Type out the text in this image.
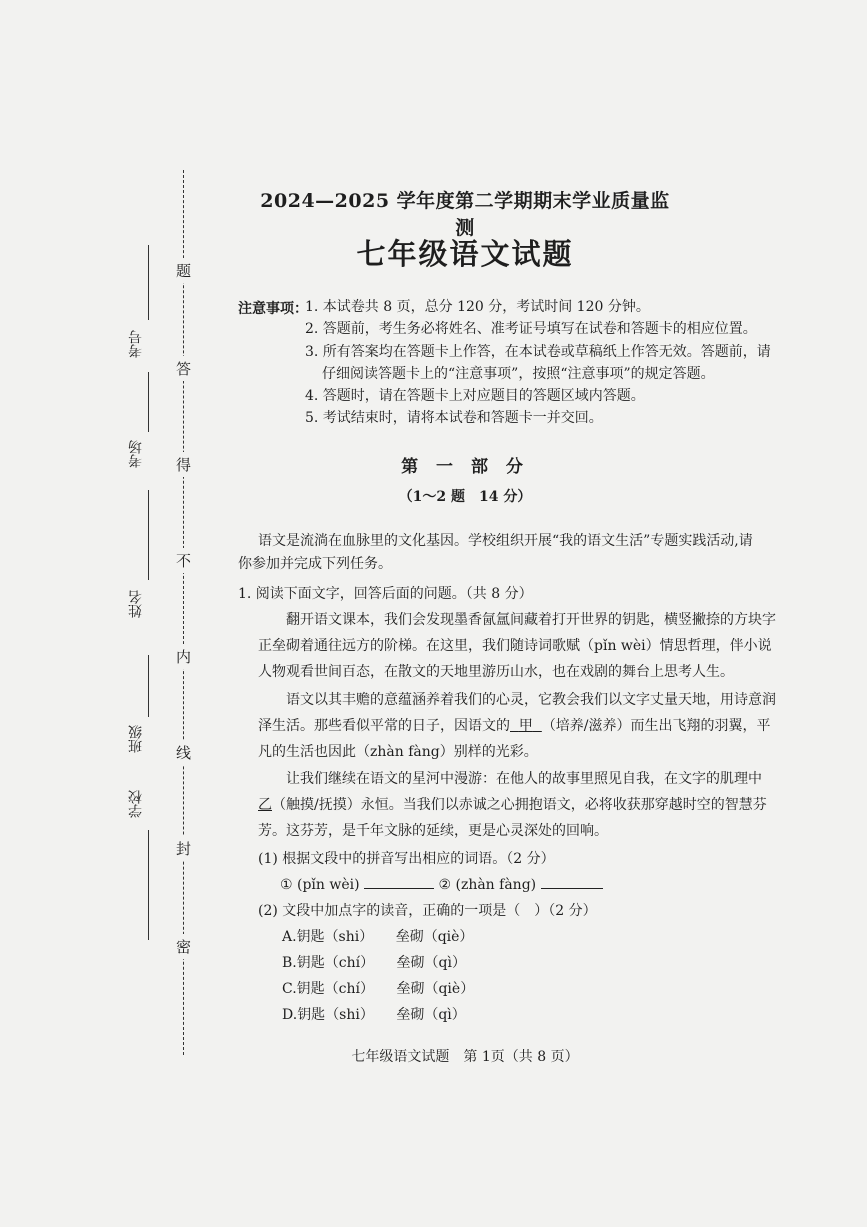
题
答
得
不
内
线
封
密
考号
考场
姓名
班级
学校
2024—2025 学年度第二学期期末学业质量监测
七年级语文试题
注意事项：
1. 本试卷共 8 页，总分 120 分，考试时间 120 分钟。
2. 答题前，考生务必将姓名、准考证号填写在试卷和答题卡的相应位置。
3. 所有答案均在答题卡上作答，在本试卷或草稿纸上作答无效。答题前，请
仔细阅读答题卡上的“注意事项”，按照“注意事项”的规定答题。
4. 答题时，请在答题卡上对应题目的答题区域内答题。
5. 考试结束时，请将本试卷和答题卡一并交回。
第 一 部 分
（1～2 题　14 分）
语文是流淌在血脉里的文化基因。学校组织开展“我的语文生活”专题实践活动,请
你参加并完成下列任务。
1. 阅读下面文字，回答后面的问题。（共 8 分）
翻开语文课本，我们会发现墨香氤氲间藏着打开世界的钥匙，横竖撇捺的方块字
正垒砌着通往远方的阶梯。在这里，我们随诗词歌赋（pǐn wèi）情思哲理，伴小说
人物观看世间百态，在散文的天地里游历山水，也在戏剧的舞台上思考人生。
语文以其丰赡的意蕴涵养着我们的心灵，它教会我们以文字丈量天地，用诗意润
泽生活。那些看似平常的日子，因语文的 甲 （培养/滋养）而生出飞翔的羽翼，平
凡的生活也因此（zhàn fàng）别样的光彩。
让我们继续在语文的星河中漫游：在他人的故事里照见自我，在文字的肌理中
乙（触摸/抚摸）永恒。当我们以赤诚之心拥抱语文，必将收获那穿越时空的智慧芬
芳。这芬芳，是千年文脉的延续，更是心灵深处的回响。
(1) 根据文段中的拼音写出相应的词语。（2 分）
① (pǐn wèi)	② (zhàn fàng)
(2) 文段中加点字的读音，正确的一项是（　）（2 分）
A.钥匙（shi） 垒砌（qiè）
B.钥匙（chí） 垒砌（qì）
C.钥匙（chí） 垒砌（qiè）
D.钥匙（shi） 垒砌（qì）
七年级语文试题　第 1页（共 8 页）
